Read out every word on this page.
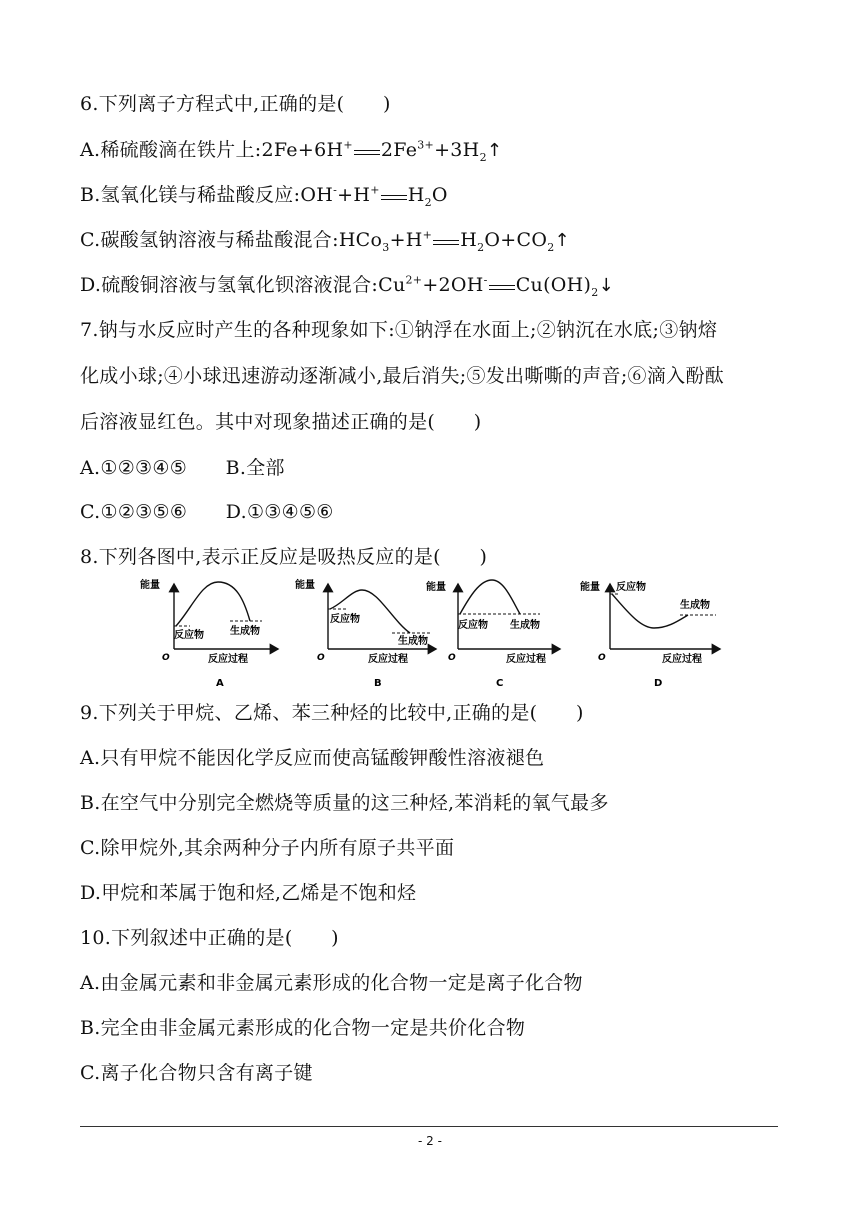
6.下列离子方程式中,正确的是(　　)
A.稀硫酸滴在铁片上:2Fe+6H+ $2Fe^{3+}+3H_2↑$
B.氢氧化镁与稀盐酸反应:OH-+H+ $H_2O$
C.碳酸氢钠溶液与稀盐酸混合:HCo$_3$+H+ $H_2O+CO_2↑$
D.硫酸铜溶液与氢氧化钡溶液混合$:Cu^{2+}+2OH^-$ $Cu(OH)_2↓$
7.钠与水反应时产生的各种现象如下:①钠浮在水面上;②钠沉在水底;③钠熔
化成小球;④小球迅速游动逐渐减小,最后消失;⑤发出嘶嘶的声音;⑥滴入酚酞
后溶液显红色。其中对现象描述正确的是(　　)
A.①②③④⑤　　B.全部
C.①②③⑤⑥　　D.①③④⑤⑥
8.下列各图中,表示正反应是吸热反应的是(　　)
能量
O	反应过程
反应物	生成物
A
能量
O	反应过程
反应物
生成物
B
能量
O	反应过程
反应物 生成物
C
能量 反应物
O	反应过程
生成物
D
9.下列关于甲烷、乙烯、苯三种烃的比较中,正确的是(　　)
A.只有甲烷不能因化学反应而使高锰酸钾酸性溶液褪色
B.在空气中分别完全燃烧等质量的这三种烃,苯消耗的氧气最多
C.除甲烷外,其余两种分子内所有原子共平面
D.甲烷和苯属于饱和烃,乙烯是不饱和烃
10.下列叙述中正确的是(　　)
A.由金属元素和非金属元素形成的化合物一定是离子化合物
B.完全由非金属元素形成的化合物一定是共价化合物
C.离子化合物只含有离子键
- 2 -
